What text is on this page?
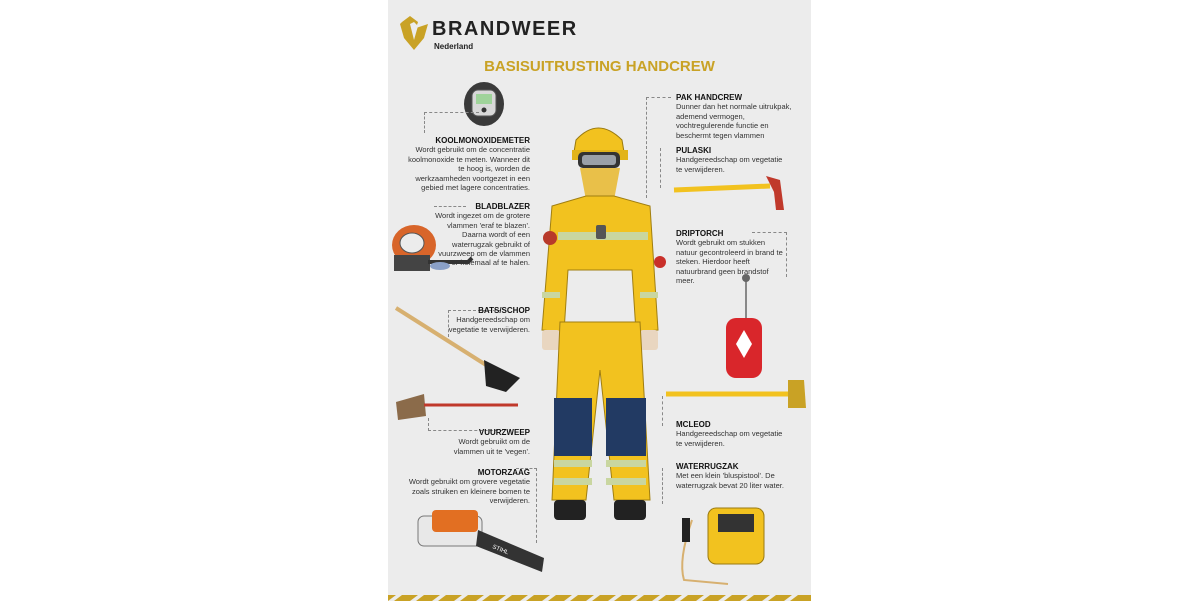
STIHL
BRANDWEER
Nederland
BASISUITRUSTING HANDCREW
KOOLMONOXIDEMETER
Wordt gebruikt om de concentratie koolmonoxide te meten. Wanneer dit te hoog is, worden de werkzaamheden voortgezet in een gebied met lagere concentraties.
BLADBLAZER
Wordt ingezet om de grotere vlammen 'eraf te blazen'. Daarna wordt of een waterrugzak gebruikt of vuurzweep om de vlammen er helemaal af te halen.
BATS/SCHOP
Handgereedschap om vegetatie te verwijderen.
VUURZWEEP
Wordt gebruikt om de vlammen uit te 'vegen'.
MOTORZAAG
Wordt gebruikt om grovere vegetatie zoals struiken en kleinere bomen te verwijderen.
PAK HANDCREW
Dunner dan het normale uitrukpak, ademend vermogen, vochtregulerende functie en beschermt tegen vlammen
PULASKI
Handgereedschap om vegetatie te verwijderen.
DRIPTORCH
Wordt gebruikt om stukken natuur gecontroleerd in brand te steken. Hierdoor heeft natuurbrand geen brandstof meer.
MCLEOD
Handgereedschap om vegetatie te verwijderen.
WATERRUGZAK
Met een klein 'bluspistool'. De waterrugzak bevat 20 liter water.
